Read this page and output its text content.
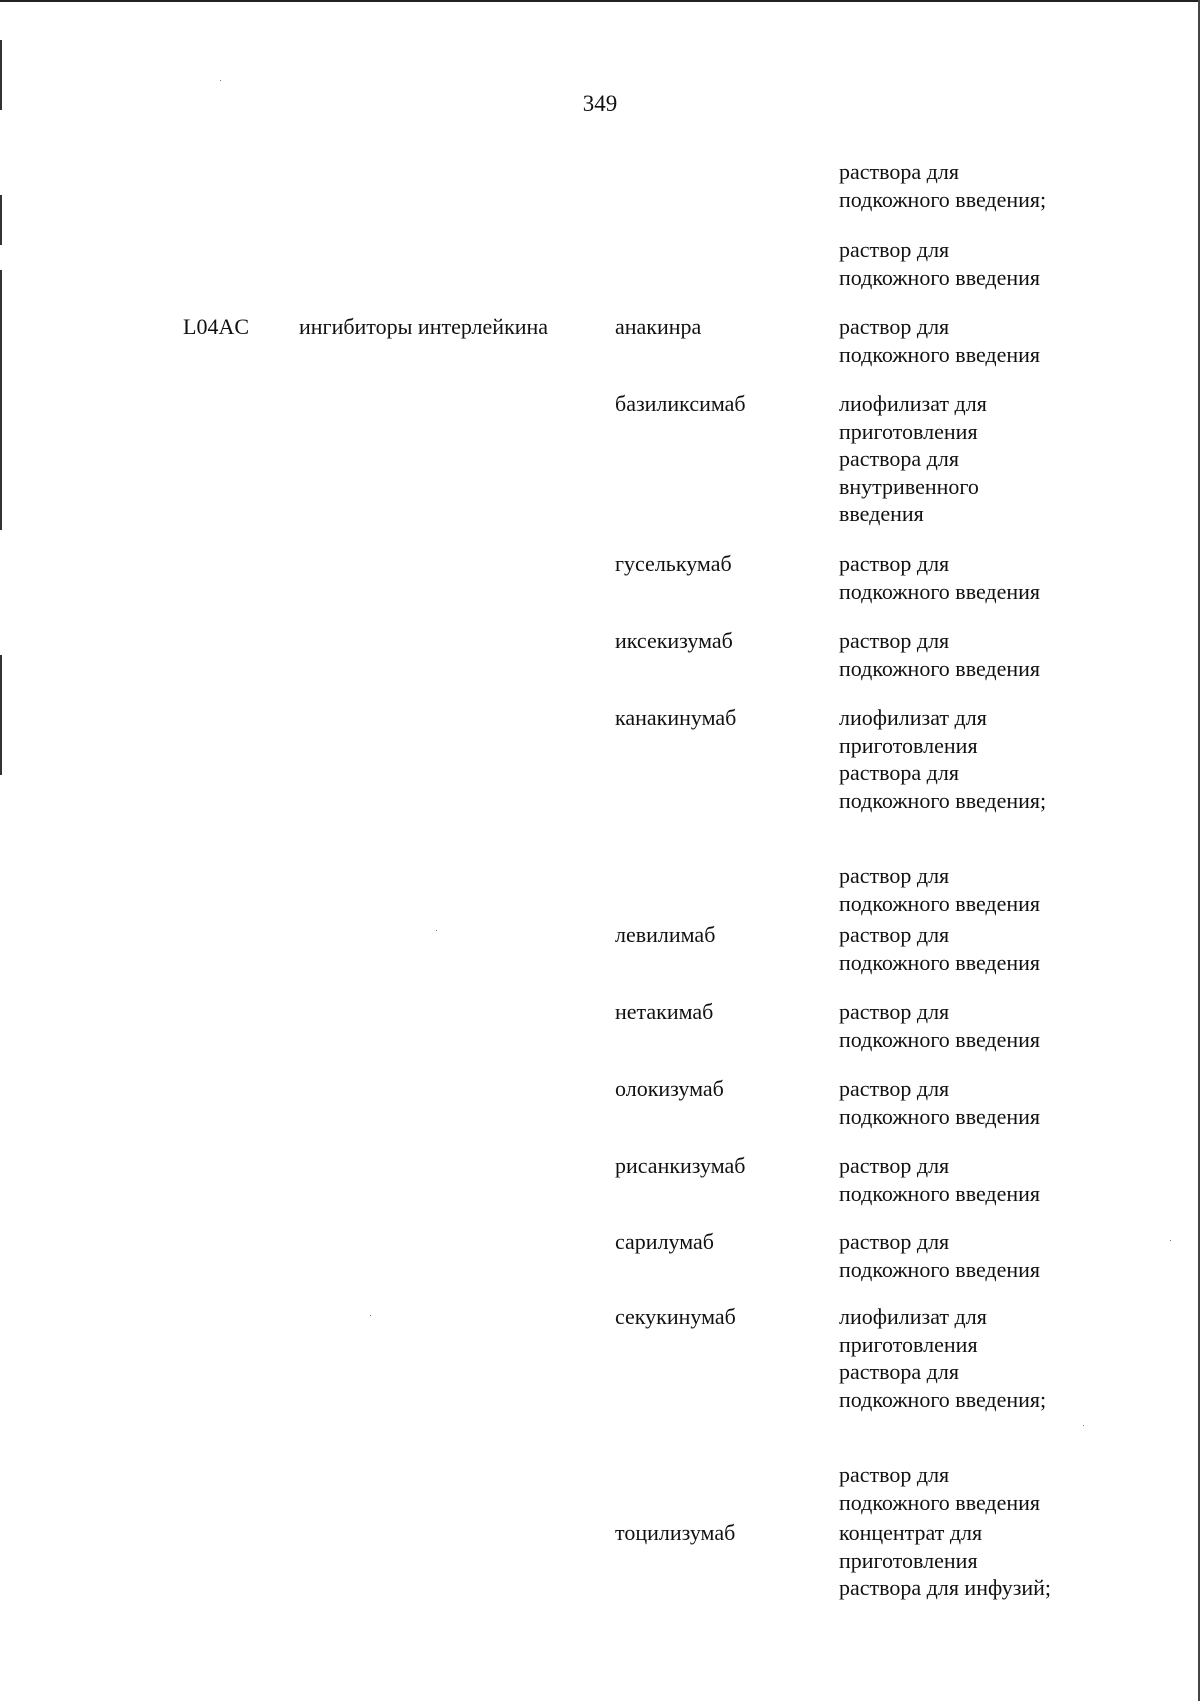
349
раствора для
подкожного введения;
раствор для
подкожного введения
L04AC ингибиторы интерлейкина	анакинра	раствор для
подкожного введения
базиликсимаб	лиофилизат для
приготовления
раствора для
внутривенного
введения
гуселькумаб	раствор для
подкожного введения
иксекизумаб	раствор для
подкожного введения
канакинумаб	лиофилизат для
приготовления
раствора для
подкожного введения;
раствор для
подкожного введения
левилимаб	раствор для
подкожного введения
нетакимаб	раствор для
подкожного введения
олокизумаб	раствор для
подкожного введения
рисанкизумаб	раствор для
подкожного введения
сарилумаб	раствор для
подкожного введения
секукинумаб	лиофилизат для
приготовления
раствора для
подкожного введения;
раствор для
подкожного введения
тоцилизумаб	концентрат для
приготовления
раствора для инфузий;
